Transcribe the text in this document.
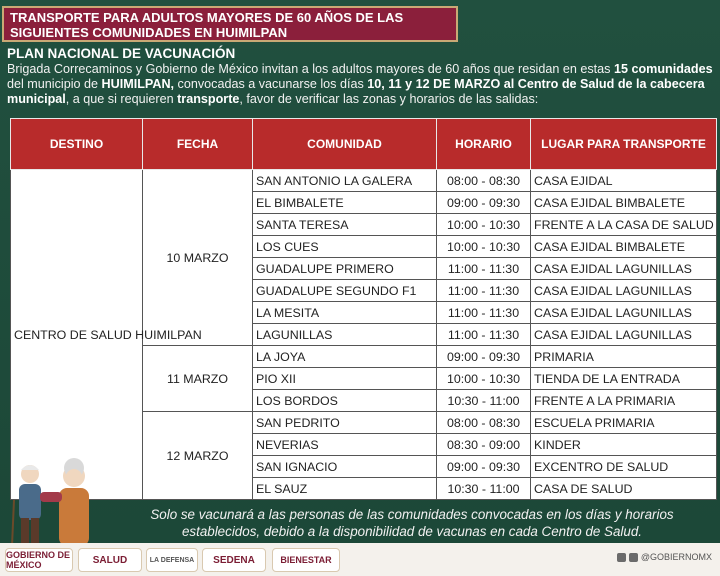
TRANSPORTE PARA ADULTOS MAYORES DE 60 AÑOS DE LAS SIGUIENTES COMUNIDADES EN HUIMILPAN
PLAN NACIONAL DE VACUNACIÓN
Brigada Correcaminos y Gobierno de México invitan a los adultos mayores de 60 años que residan en estas 15 comunidades del municipio de HUIMILPAN, convocadas a vacunarse los días 10, 11 y 12 DE MARZO al Centro de Salud de la cabecera municipal, a que si requieren transporte, favor de verificar las zonas y horarios de las salidas:
DESTINO	FECHA	COMUNIDAD	HORARIO	LUGAR PARA TRANSPORTE
CENTRO DE SALUD HUIMILPAN	10 MARZO	SAN ANTONIO LA GALERA	08:00 - 08:30	CASA EJIDAL
		EL BIMBALETE	09:00 - 09:30	CASA EJIDAL BIMBALETE
		SANTA TERESA	10:00 - 10:30	FRENTE A LA CASA DE SALUD
		LOS CUES	10:00 - 10:30	CASA EJIDAL BIMBALETE
		GUADALUPE PRIMERO	11:00 - 11:30	CASA EJIDAL LAGUNILLAS
		GUADALUPE SEGUNDO F1	11:00 - 11:30	CASA EJIDAL LAGUNILLAS
		LA MESITA	11:00 - 11:30	CASA EJIDAL LAGUNILLAS
		LAGUNILLAS	11:00 - 11:30	CASA EJIDAL LAGUNILLAS
	11 MARZO	LA JOYA	09:00 - 09:30	PRIMARIA
		PIO XII	10:00 - 10:30	TIENDA DE LA ENTRADA
		LOS BORDOS	10:30 - 11:00	FRENTE A LA PRIMARIA
	12 MARZO	SAN PEDRITO	08:00 - 08:30	ESCUELA PRIMARIA
		NEVERIAS	08:30 - 09:00	KINDER
		SAN IGNACIO	09:00 - 09:30	EXCENTRO DE SALUD
		EL SAUZ	10:30 - 11:00	CASA DE SALUD
Solo se vacunará a las personas de las comunidades convocadas en los días y horarios establecidos, debido a la disponibilidad de vacunas en cada Centro de Salud.
GOBIERNO DE MÉXICO	SALUD	LA DEFENSA	SEDENA	BIENESTAR	@GOBIERNOMX
